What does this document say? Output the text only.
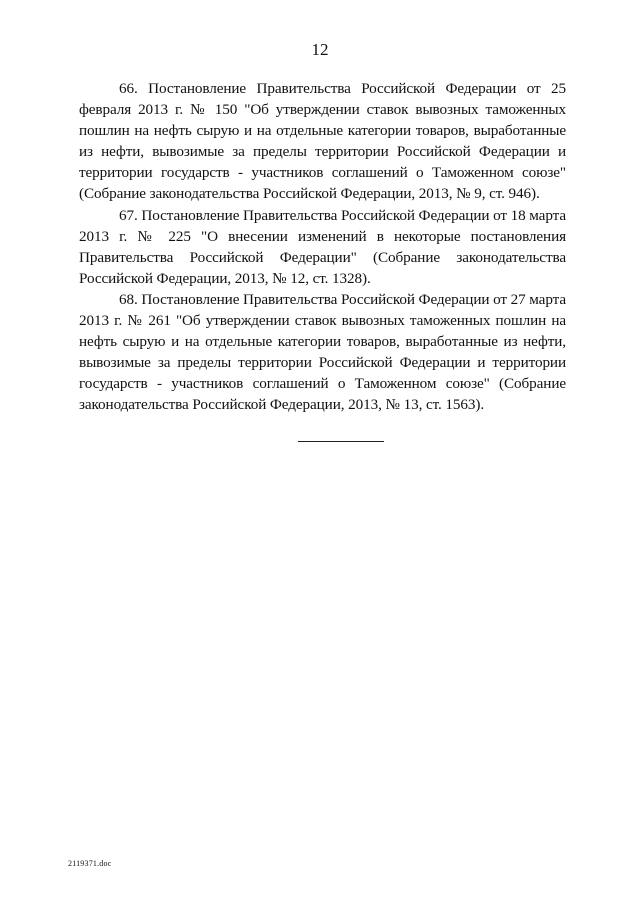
12

66. Постановление Правительства Российской Федерации от 25 февраля 2013 г. № 150 "Об утверждении ставок вывозных таможенных пошлин на нефть сырую и на отдельные категории товаров, выработанные из нефти, вывозимые за пределы территории Российской Федерации и территории государств - участников соглашений о Таможенном союзе" (Собрание законодательства Российской Федерации, 2013, № 9, ст. 946).

67. Постановление Правительства Российской Федерации от 18 марта 2013 г. № 225 "О внесении изменений в некоторые постановления Правительства Российской Федерации" (Собрание законодательства Российской Федерации, 2013, № 12, ст. 1328).

68. Постановление Правительства Российской Федерации от 27 марта 2013 г. № 261 "Об утверждении ставок вывозных таможенных пошлин на нефть сырую и на отдельные категории товаров, выработанные из нефти, вывозимые за пределы территории Российской Федерации и территории государств - участников соглашений о Таможенном союзе" (Собрание законодательства Российской Федерации, 2013, № 13, ст. 1563).

2119371.doc
